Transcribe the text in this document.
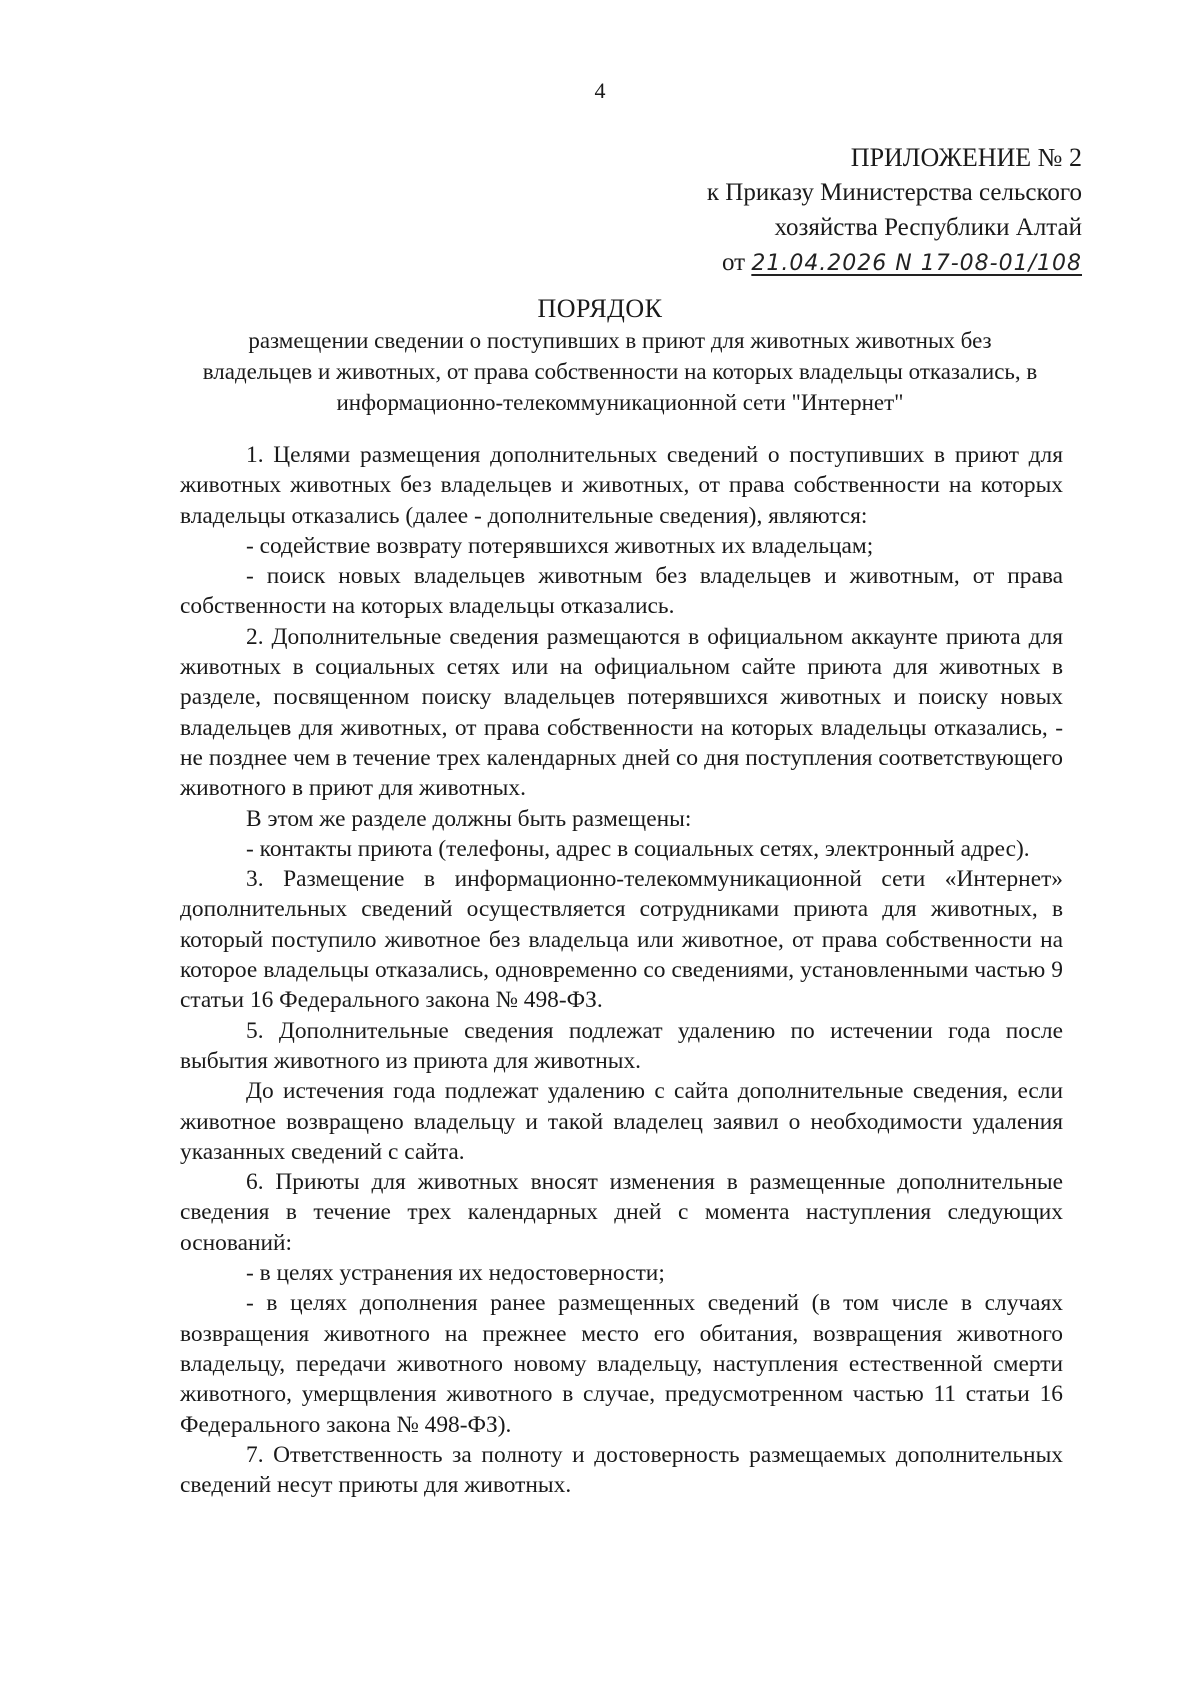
4
ПРИЛОЖЕНИЕ № 2
к Приказу Министерства сельского
хозяйства Республики Алтай
от 21.04.2026 N 17-08-01/108
ПОРЯДОК
размещении сведении о поступивших в приют для животных животных без
владельцев и животных, от права собственности на которых владельцы отказались, в
информационно-телекоммуникационной сети "Интернет"

1. Целями размещения дополнительных сведений о поступивших в приют для животных животных без владельцев и животных, от права собственности на которых владельцы отказались (далее - дополнительные сведения), являются:

- содействие возврату потерявшихся животных их владельцам;

- поиск новых владельцев животным без владельцев и животным, от права собственности на которых владельцы отказались.

2. Дополнительные сведения размещаются в официальном аккаунте приюта для животных в социальных сетях или на официальном сайте приюта для животных в разделе, посвященном поиску владельцев потерявшихся животных и поиску новых владельцев для животных, от права собственности на которых владельцы отказались, - не позднее чем в течение трех календарных дней со дня поступления соответствующего животного в приют для животных.

В этом же разделе должны быть размещены:

- контакты приюта (телефоны, адрес в социальных сетях, электронный адрес).

3. Размещение в информационно-телекоммуникационной сети «Интернет» дополнительных сведений осуществляется сотрудниками приюта для животных, в который поступило животное без владельца или животное, от права собственности на которое владельцы отказались, одновременно со сведениями, установленными частью 9 статьи 16 Федерального закона № 498-ФЗ.

5. Дополнительные сведения подлежат удалению по истечении года после выбытия животного из приюта для животных.

До истечения года подлежат удалению с сайта дополнительные сведения, если животное возвращено владельцу и такой владелец заявил о необходимости удаления указанных сведений с сайта.

6. Приюты для животных вносят изменения в размещенные дополнительные сведения в течение трех календарных дней с момента наступления следующих оснований:

- в целях устранения их недостоверности;

- в целях дополнения ранее размещенных сведений (в том числе в случаях возвращения животного на прежнее место его обитания, возвращения животного владельцу, передачи животного новому владельцу, наступления естественной смерти животного, умерщвления животного в случае, предусмотренном частью 11 статьи 16 Федерального закона № 498-ФЗ).

7. Ответственность за полноту и достоверность размещаемых дополнительных сведений несут приюты для животных.
